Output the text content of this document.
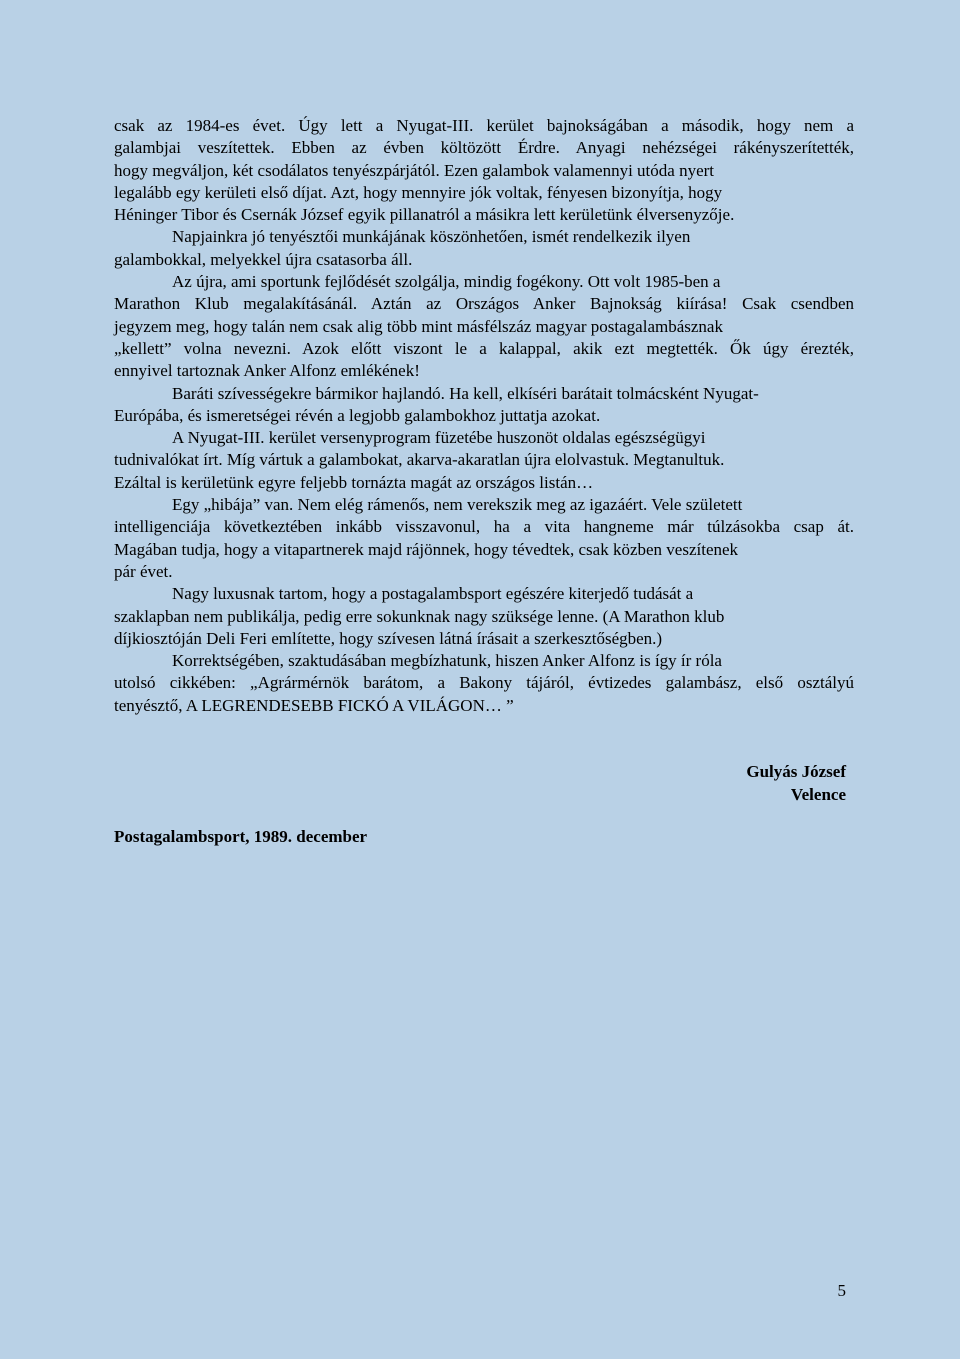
csak az 1984-es évet. Úgy lett a Nyugat-III. kerület bajnokságában a második, hogy nem a
galambjai veszítettek. Ebben az évben költözött Érdre. Anyagi nehézségei rákényszerítették,
hogy megváljon, két csodálatos tenyészpárjától. Ezen galambok valamennyi utóda nyert
legalább egy kerületi első díjat. Azt, hogy mennyire jók voltak, fényesen bizonyítja, hogy
Héninger Tibor és Csernák József egyik pillanatról a másikra lett kerületünk élversenyzője.
Napjainkra jó tenyésztői munkájának köszönhetően, ismét rendelkezik ilyen
galambokkal, melyekkel újra csatasorba áll.
Az újra, ami sportunk fejlődését szolgálja, mindig fogékony. Ott volt 1985-ben a
Marathon Klub megalakításánál. Aztán az Országos Anker Bajnokság kiírása! Csak csendben
jegyzem meg, hogy talán nem csak alig több mint másfélszáz magyar postagalambásznak
„kellett” volna nevezni. Azok előtt viszont le a kalappal, akik ezt megtették. Ők úgy érezték,
ennyivel tartoznak Anker Alfonz emlékének!
Baráti szívességekre bármikor hajlandó. Ha kell, elkíséri barátait tolmácsként Nyugat-
Európába, és ismeretségei révén a legjobb galambokhoz juttatja azokat.
A Nyugat-III. kerület versenyprogram füzetébe huszonöt oldalas egészségügyi
tudnivalókat írt. Míg vártuk a galambokat, akarva-akaratlan újra elolvastuk. Megtanultuk.
Ezáltal is kerületünk egyre feljebb tornázta magát az országos listán…
Egy „hibája” van. Nem elég rámenős, nem verekszik meg az igazáért. Vele született
intelligenciája következtében inkább visszavonul, ha a vita hangneme már túlzásokba csap át.
Magában tudja, hogy a vitapartnerek majd rájönnek, hogy tévedtek, csak közben veszítenek
pár évet.
Nagy luxusnak tartom, hogy a postagalambsport egészére kiterjedő tudását a
szaklapban nem publikálja, pedig erre sokunknak nagy szüksége lenne. (A Marathon klub
díjkiosztóján Deli Feri említette, hogy szívesen látná írásait a szerkesztőségben.)
Korrektségében, szaktudásában megbízhatunk, hiszen Anker Alfonz is így ír róla
utolsó cikkében: „Agrármérnök barátom, a Bakony tájáról, évtizedes galambász, első osztályú
tenyésztő, A LEGRENDESEBB FICKÓ A VILÁGON… ”
Gulyás József
Velence
Postagalambsport, 1989. december
5
